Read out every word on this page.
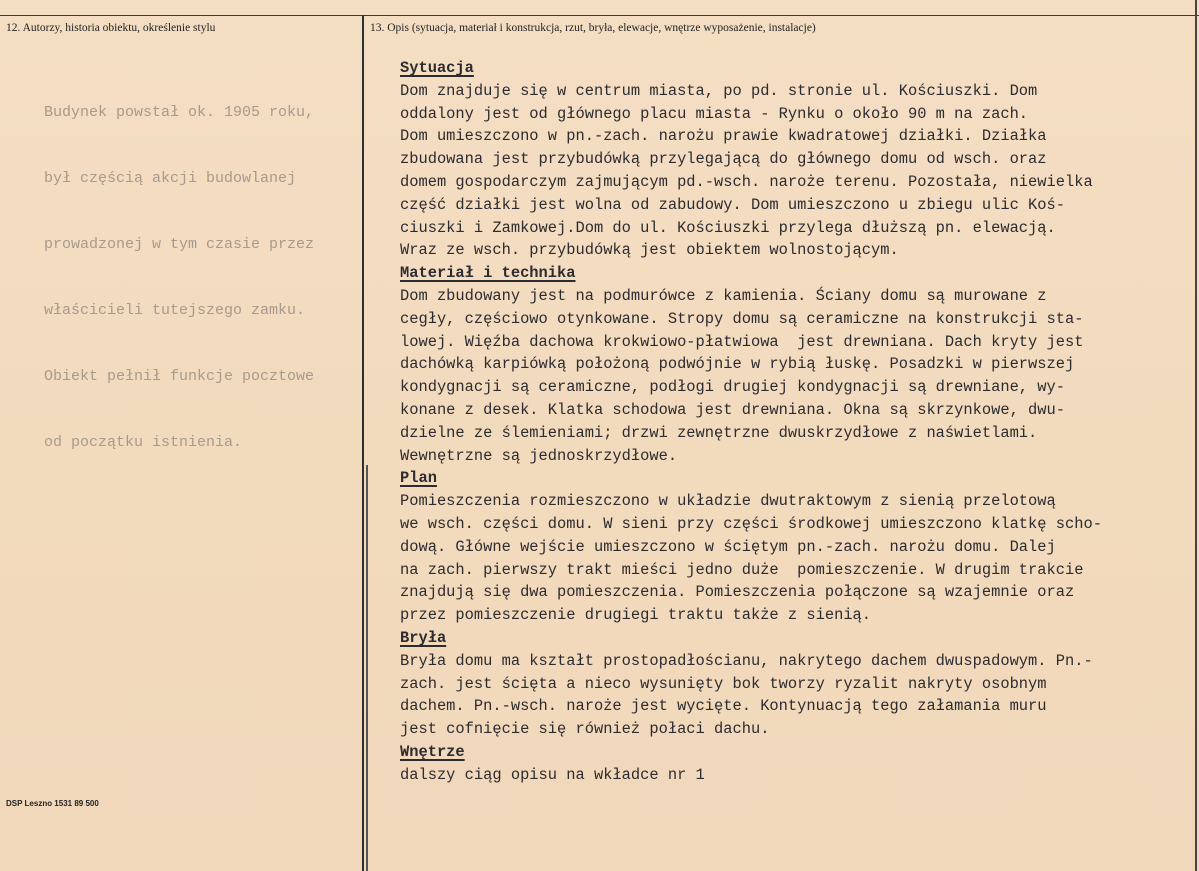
12. Autorzy, historia obiektu, określenie stylu	13. Opis (sytuacja, materiał i konstrukcja, rzut, bryła, elewacje, wnętrze wyposażenie, instalacje)

Budynek powstał ok. 1905 roku,

był częścią akcji budowlanej

prowadzonej w tym czasie przez

właścicieli tutejszego zamku.

Obiekt pełnił funkcje pocztowe

od początku istnienia.

Sytuacja
Dom znajduje się w centrum miasta, po pd. stronie ul. Kościuszki. Dom
oddalony jest od głównego placu miasta - Rynku o około 90 m na zach.
Dom umieszczono w pn.-zach. narożu prawie kwadratowej działki. Działka
zbudowana jest przybudówką przylegającą do głównego domu od wsch. oraz
domem gospodarczym zajmującym pd.-wsch. naroże terenu. Pozostała, niewielka
część działki jest wolna od zabudowy. Dom umieszczono u zbiegu ulic Koś-
ciuszki i Zamkowej.Dom do ul. Kościuszki przylega dłuższą pn. elewacją.
Wraz ze wsch. przybudówką jest obiektem wolnostojącym.
Materiał i technika
Dom zbudowany jest na podmurówce z kamienia. Ściany domu są murowane z
cegły, częściowo otynkowane. Stropy domu są ceramiczne na konstrukcji sta-
lowej. Więźba dachowa krokwiowo-płatwiowa  jest drewniana. Dach kryty jest
dachówką karpiówką położoną podwójnie w rybią łuskę. Posadzki w pierwszej
kondygnacji są ceramiczne, podłogi drugiej kondygnacji są drewniane, wy-
konane z desek. Klatka schodowa jest drewniana. Okna są skrzynkowe, dwu-
dzielne ze ślemieniami; drzwi zewnętrzne dwuskrzydłowe z naświetlami.
Wewnętrzne są jednoskrzydłowe.
Plan
Pomieszczenia rozmieszczono w układzie dwutraktowym z sienią przelotową
we wsch. części domu. W sieni przy części środkowej umieszczono klatkę scho-
dową. Główne wejście umieszczono w ściętym pn.-zach. narożu domu. Dalej
na zach. pierwszy trakt mieści jedno duże  pomieszczenie. W drugim trakcie
znajdują się dwa pomieszczenia. Pomieszczenia połączone są wzajemnie oraz
przez pomieszczenie drugiegi traktu także z sienią.
Bryła
Bryła domu ma kształt prostopadłościanu, nakrytego dachem dwuspadowym. Pn.-
zach. jest ścięta a nieco wysunięty bok tworzy ryzalit nakryty osobnym
dachem. Pn.-wsch. naroże jest wycięte. Kontynuacją tego załamania muru
jest cofnięcie się również połaci dachu.
Wnętrze
dalszy ciąg opisu na wkładce nr 1
DSP Leszno 1531 89 500
